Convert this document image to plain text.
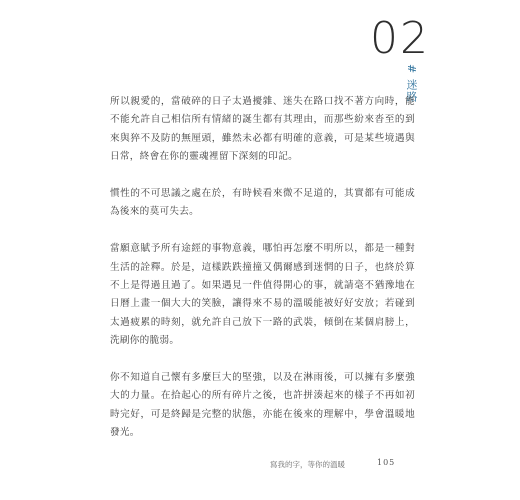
02
# 迷路

所以親愛的，當破碎的日子太過擾雜、迷失在路口找不著方向時，能不能允許自己相信所有情緒的誕生都有其理由，而那些紛來沓至的到來與猝不及防的無厘頭，雖然未必都有明確的意義，可是某些境遇與日常，終會在你的靈魂裡留下深刻的印記。

慣性的不可思議之處在於，有時候看來微不足道的，其實都有可能成為後來的莫可失去。

當願意賦予所有途經的事物意義，哪怕再怎麼不明所以，都是一種對生活的詮釋。於是，這樣跌跌撞撞又偶爾感到迷惘的日子，也終於算不上是得過且過了。如果遇見一件值得開心的事，就請毫不猶豫地在日曆上畫一個大大的笑臉，讓得來不易的溫暖能被好好安放；若碰到太過疲累的時刻，就允許自己放下一路的武裝，傾倒在某個肩膀上，洗刷你的脆弱。

你不知道自己懷有多麼巨大的堅強，以及在淋雨後，可以擁有多麼強大的力量。在拾起心的所有碎片之後，也許拼湊起來的樣子不再如初時完好，可是終歸是完整的狀態，亦能在後來的理解中，學會溫暖地發光。

寫我的字，等你的溫暖	105
